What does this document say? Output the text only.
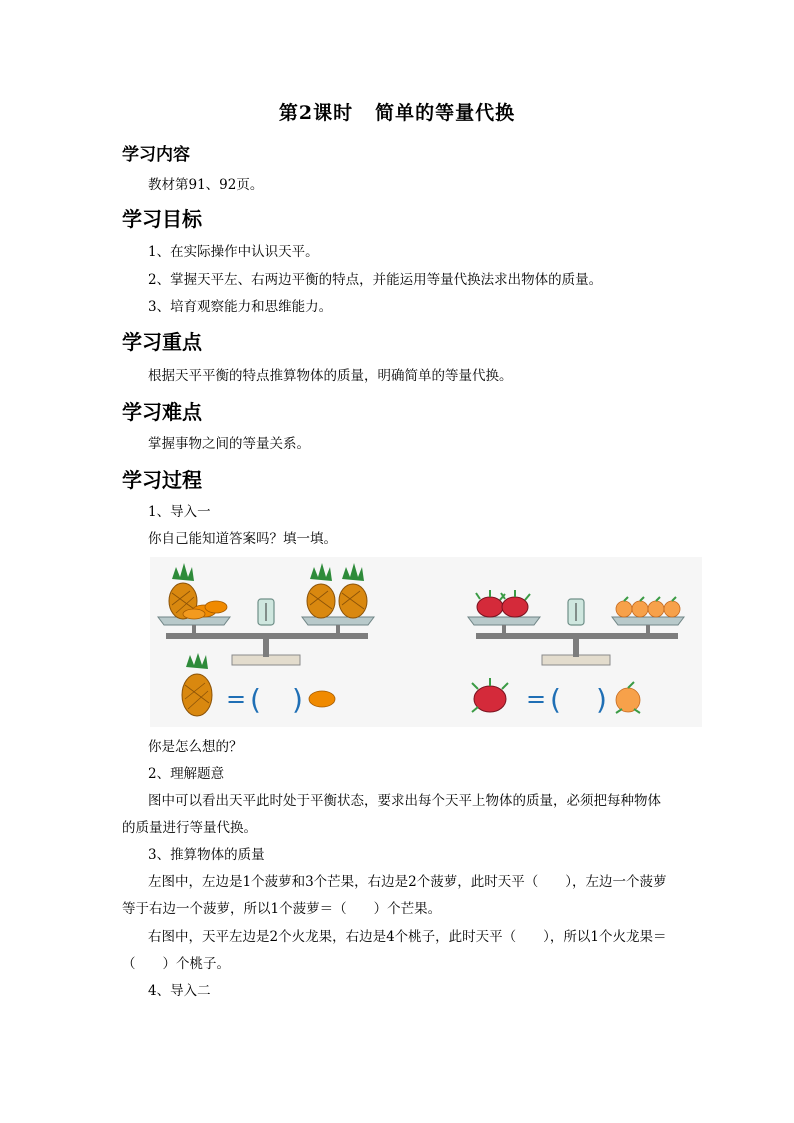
第2课时 简单的等量代换
学习内容
教材第91、92页。
学习目标
1、在实际操作中认识天平。
2、掌握天平左、右两边平衡的特点，并能运用等量代换法求出物体的质量。
3、培育观察能力和思维能力。
学习重点
根据天平平衡的特点推算物体的质量，明确简单的等量代换。
学习难点
掌握事物之间的等量关系。
学习过程
1、导入一
你自己能知道答案吗？填一填。
= ( )	= ( )
你是怎么想的？
2、理解题意
图中可以看出天平此时处于平衡状态，要求出每个天平上物体的质量，必须把每种物体
的质量进行等量代换。
3、推算物体的质量
左图中，左边是1个菠萝和3个芒果，右边是2个菠萝，此时天平（　　），左边一个菠萝
等于右边一个菠萝，所以1个菠萝＝（　　）个芒果。
右图中，天平左边是2个火龙果，右边是4个桃子，此时天平（　　），所以1个火龙果＝
（　　）个桃子。
4、导入二
